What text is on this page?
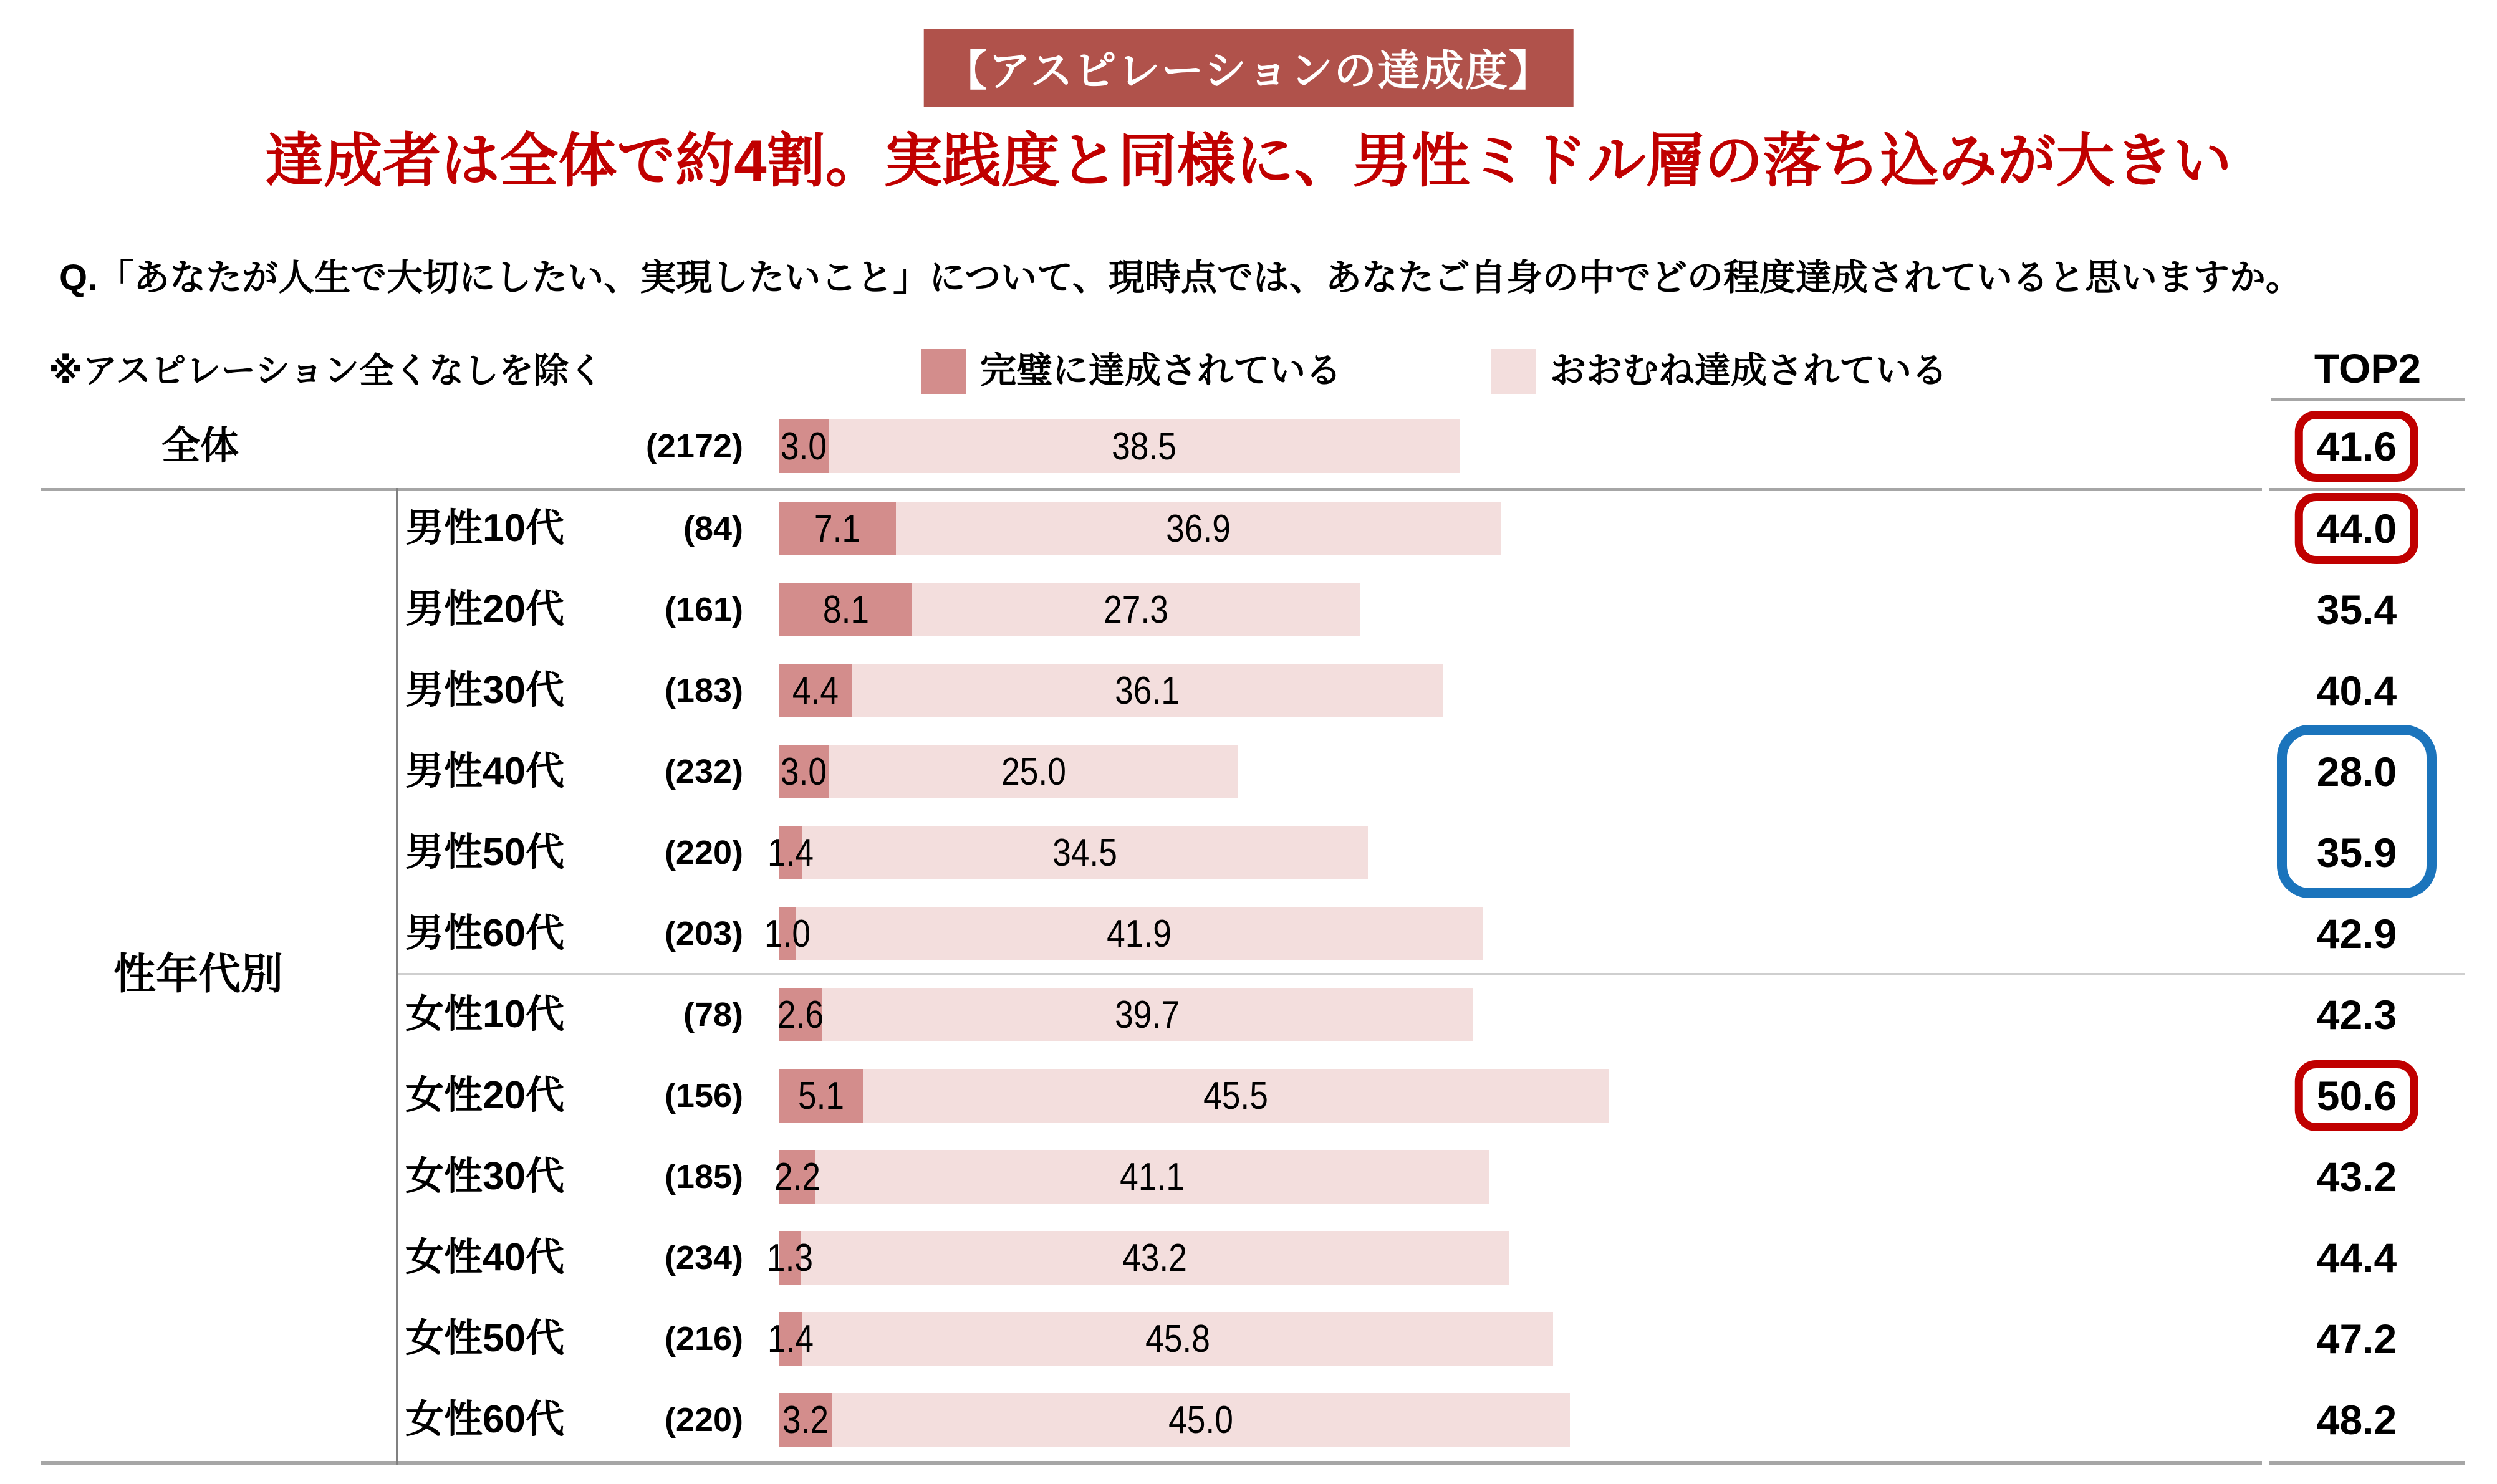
【アスピレーションの達成度】
達成者は全体で約4割。実践度と同様に、男性ミドル層の落ち込みが大きい
Q.「あなたが人生で大切にしたい、実現したいこと」について、現時点では、あなたご自身の中でどの程度達成されていると思いますか。
※アスピレーション全くなしを除く	完璧に達成されている	おおむね達成されている	TOP2
性年代別
全体	(2172) 3.0	38.5	41.6
男性10代	(84) 7.1	36.9	44.0
男性20代	(161) 8.1	27.3	35.4
男性30代	(183) 4.4	36.1	40.4
男性40代	(232) 3.0	25.0	28.0
男性50代	(220) 1.4	34.5	35.9
男性60代	(203) 1.0	41.9	42.9
女性10代	(78) 2.6	39.7	42.3
女性20代	(156) 5.1	45.5	50.6
女性30代	(185) 2.2	41.1	43.2
女性40代	(234) 1.3	43.2	44.4
女性50代	(216) 1.4	45.8	47.2
女性60代	(220) 3.2	45.0	48.2
